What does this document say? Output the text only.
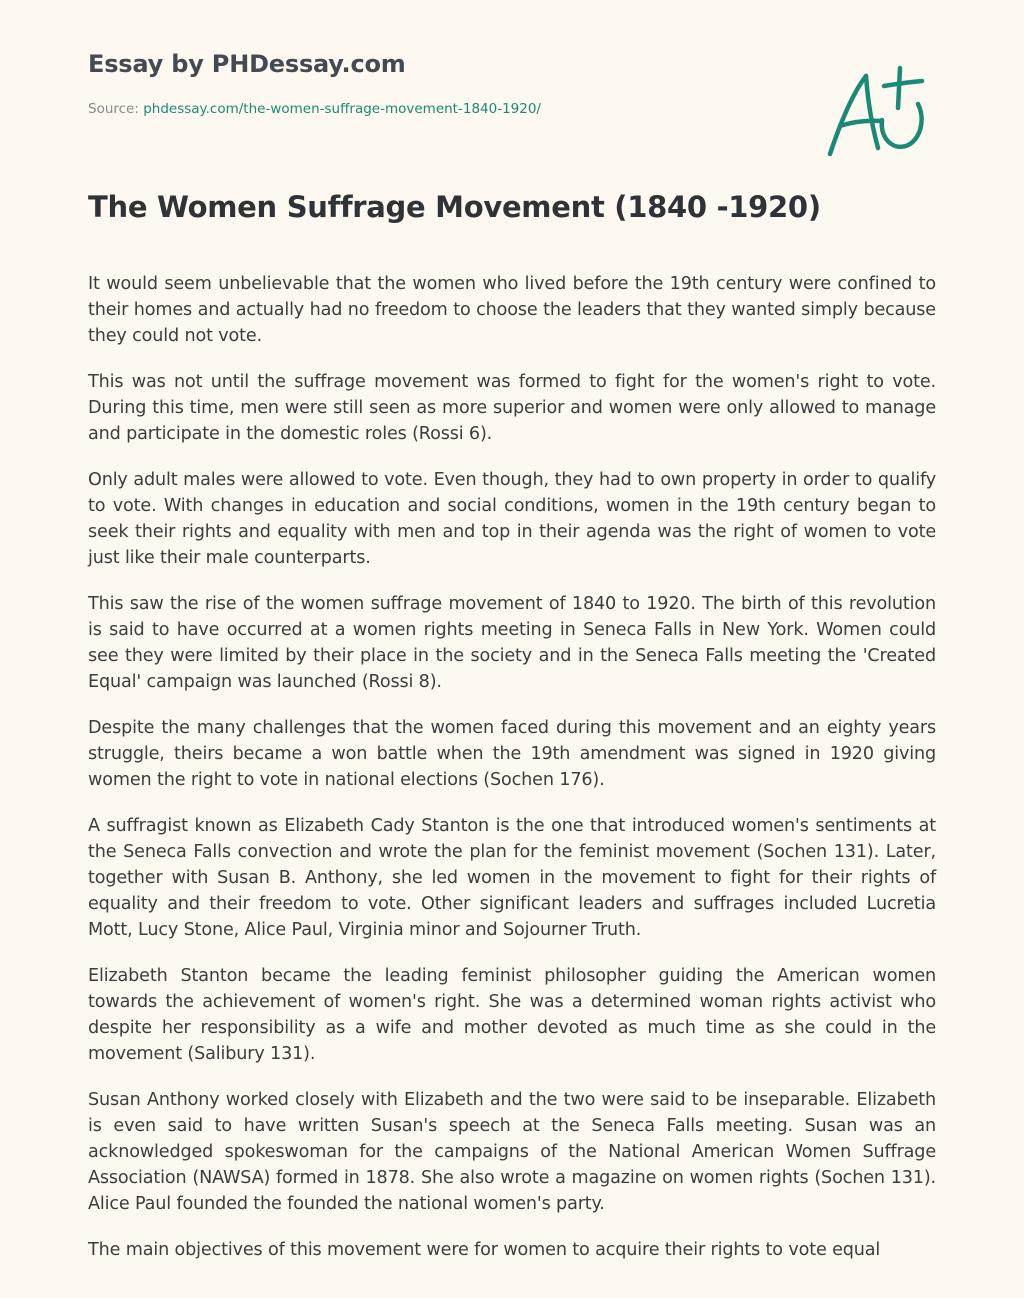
Essay by PHDessay.com
Source: phdessay.com/the-women-suffrage-movement-1840-1920/
The Women Suffrage Movement (1840 -1920)

It would seem unbelievable that the women who lived before the 19th century were confined to their homes and actually had no freedom to choose the leaders that they wanted simply because they could not vote.

This was not until the suffrage movement was formed to fight for the women's right to vote. During this time, men were still seen as more superior and women were only allowed to manage and participate in the domestic roles (Rossi 6).

Only adult males were allowed to vote. Even though, they had to own property in order to qualify to vote. With changes in education and social conditions, women in the 19th century began to seek their rights and equality with men and top in their agenda was the right of women to vote just like their male counterparts.

This saw the rise of the women suffrage movement of 1840 to 1920. The birth of this revolution is said to have occurred at a women rights meeting in Seneca Falls in New York. Women could see they were limited by their place in the society and in the Seneca Falls meeting the 'Created Equal' campaign was launched (Rossi 8).

Despite the many challenges that the women faced during this movement and an eighty years struggle, theirs became a won battle when the 19th amendment was signed in 1920 giving women the right to vote in national elections (Sochen 176).

A suffragist known as Elizabeth Cady Stanton is the one that introduced women's sentiments at the Seneca Falls convection and wrote the plan for the feminist movement (Sochen 131). Later, together with Susan B. Anthony, she led women in the movement to fight for their rights of equality and their freedom to vote. Other significant leaders and suffrages included Lucretia Mott, Lucy Stone, Alice Paul, Virginia minor and Sojourner Truth.

Elizabeth Stanton became the leading feminist philosopher guiding the American women towards the achievement of women's right. She was a determined woman rights activist who despite her responsibility as a wife and mother devoted as much time as she could in the movement (Salibury 131).

Susan Anthony worked closely with Elizabeth and the two were said to be inseparable. Elizabeth is even said to have written Susan's speech at the Seneca Falls meeting. Susan was an acknowledged spokeswoman for the campaigns of the National American Women Suffrage Association (NAWSA) formed in 1878. She also wrote a magazine on women rights (Sochen 131). Alice Paul founded the founded the national women's party.

The main objectives of this movement were for women to acquire their rights to vote equal
